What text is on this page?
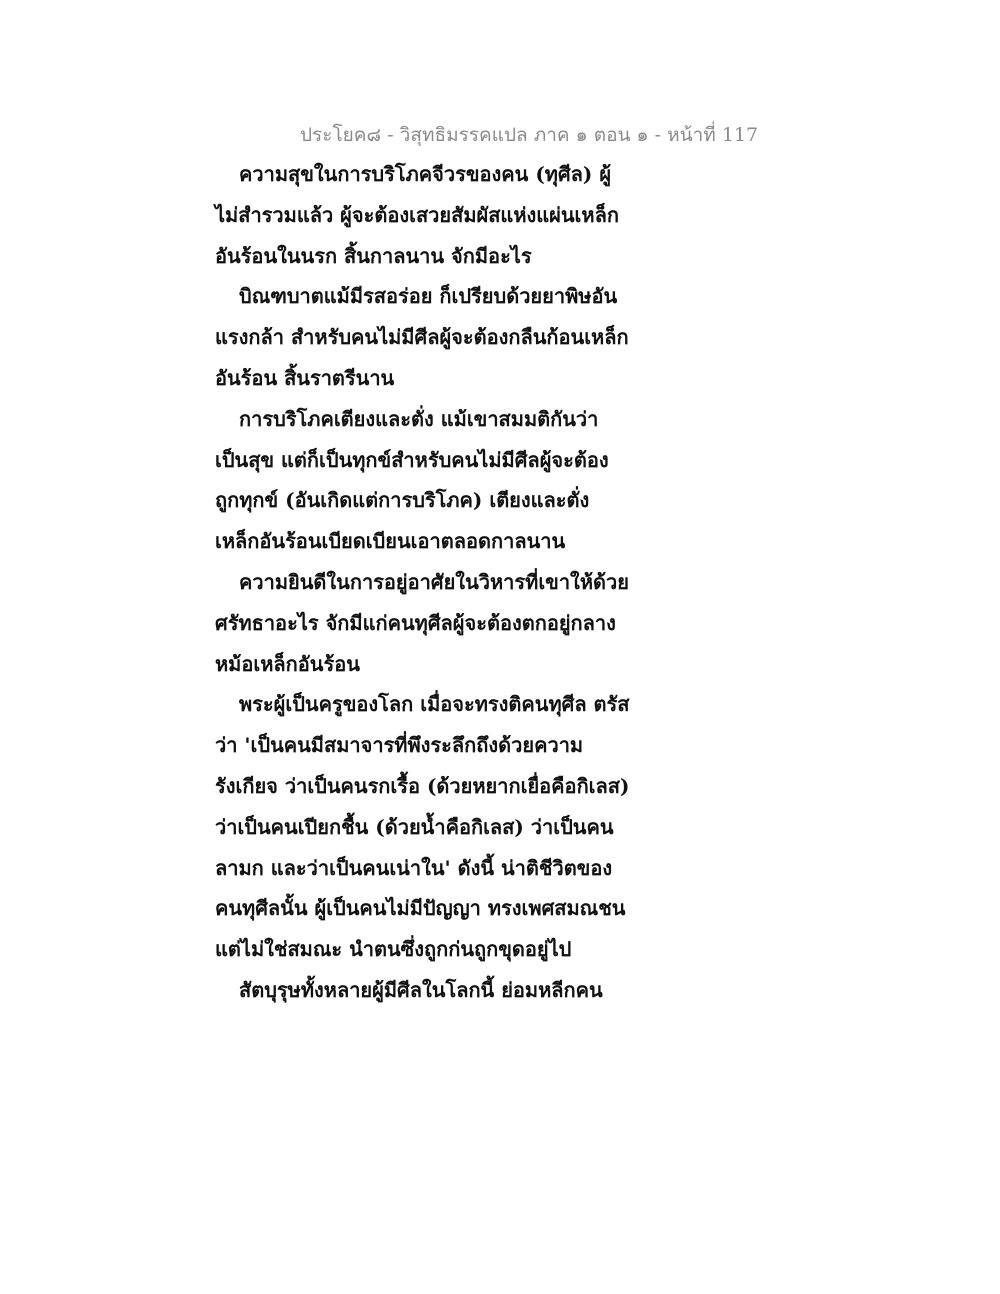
ประโยค๘ - วิสุทธิมรรคแปล ภาค ๑ ตอน ๑ - หน้าที่ 117
ความสุขในการบริโภคจีวรของคน (ทุศีล) ผู้
ไม่สำรวมแล้ว ผู้จะต้องเสวยสัมผัสแห่งแผ่นเหล็ก
อันร้อนในนรก สิ้นกาลนาน จักมีอะไร
บิณฑบาตแม้มีรสอร่อย ก็เปรียบด้วยยาพิษอัน
แรงกล้า สำหรับคนไม่มีศีลผู้จะต้องกลืนก้อนเหล็ก
อันร้อน สิ้นราตรีนาน
การบริโภคเตียงและตั่ง แม้เขาสมมติกันว่า
เป็นสุข แต่ก็เป็นทุกข์สำหรับคนไม่มีศีลผู้จะต้อง
ถูกทุกข์ (อันเกิดแต่การบริโภค) เตียงและตั่ง
เหล็กอันร้อนเบียดเบียนเอาตลอดกาลนาน
ความยินดีในการอยู่อาศัยในวิหารที่เขาให้ด้วย
ศรัทธาอะไร จักมีแก่คนทุศีลผู้จะต้องตกอยู่กลาง
หม้อเหล็กอันร้อน
พระผู้เป็นครูของโลก เมื่อจะทรงติคนทุศีล ตรัส
ว่า 'เป็นคนมีสมาจารที่พึงระลึกถึงด้วยความ
รังเกียจ ว่าเป็นคนรกเรื้อ (ด้วยหยากเยื่อคือกิเลส)
ว่าเป็นคนเปียกชื้น (ด้วยน้ำคือกิเลส) ว่าเป็นคน
ลามก และว่าเป็นคนเน่าใน' ดังนี้ น่าติชีวิตของ
คนทุศีลนั้น ผู้เป็นคนไม่มีปัญญา ทรงเพศสมณชน
แต่ไม่ใช่สมณะ นำตนซึ่งถูกก่นถูกขุดอยู่ไป
สัตบุรุษทั้งหลายผู้มีศีลในโลกนี้ ย่อมหลีกคน
